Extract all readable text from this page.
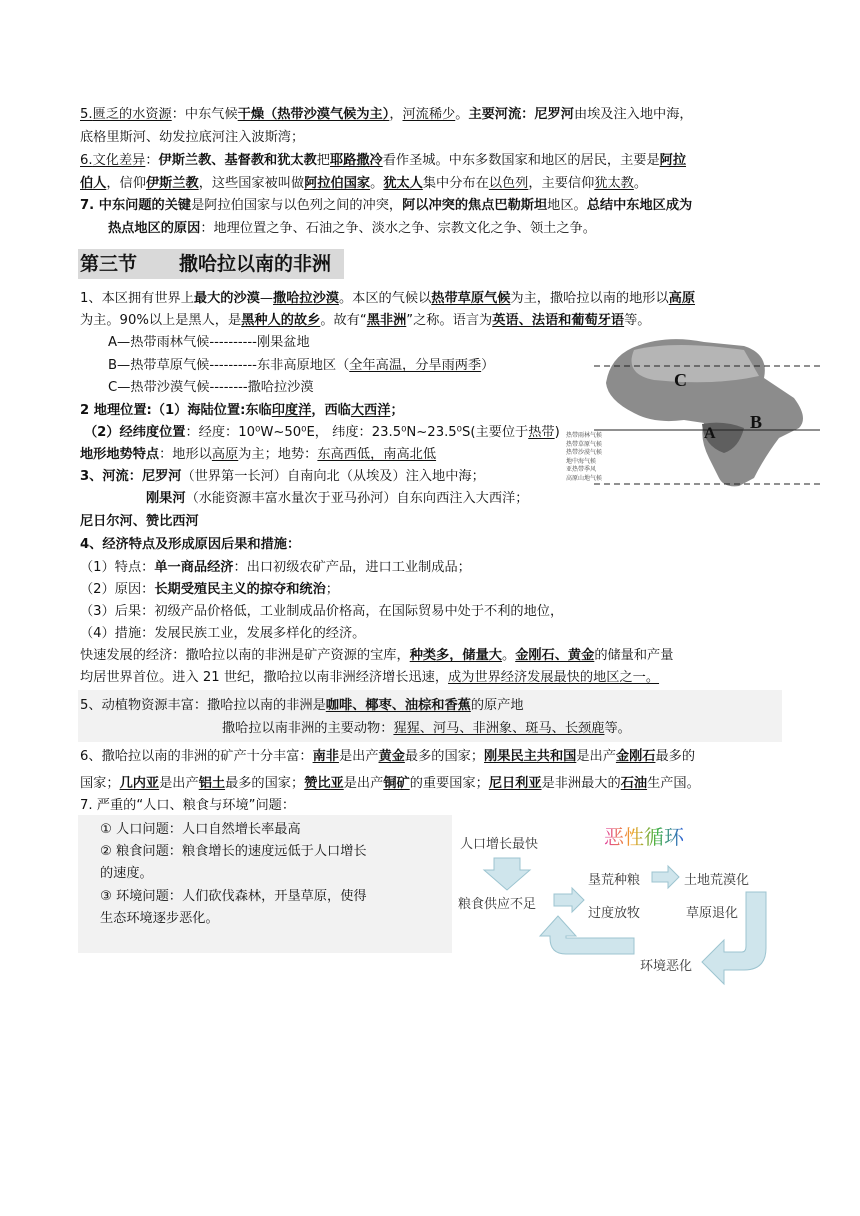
5.匮乏的水资源：中东气候干燥（热带沙漠气候为主），河流稀少。主要河流：尼罗河由埃及注入地中海，
底格里斯河、幼发拉底河注入波斯湾；
6.文化差异：伊斯兰教、基督教和犹太教把耶路撒冷看作圣城。中东多数国家和地区的居民，主要是阿拉
伯人，信仰伊斯兰教，这些国家被叫做阿拉伯国家。犹太人集中分布在以色列，主要信仰犹太教。
7. 中东问题的关键是阿拉伯国家与以色列之间的冲突，阿以冲突的焦点巴勒斯坦地区。总结中东地区成为
热点地区的原因：地理位置之争、石油之争、淡水之争、宗教文化之争、领土之争。
第三节 撒哈拉以南的非洲
1、本区拥有世界上最大的沙漠—撒哈拉沙漠。本区的气候以热带草原气候为主，撒哈拉以南的地形以高原
为主。90%以上是黑人，是黑种人的故乡。故有“黑非洲”之称。语言为英语、法语和葡萄牙语等。
A—热带雨林气候----------刚果盆地
B—热带草原气候----------东非高原地区（全年高温，分旱雨两季）
C—热带沙漠气候--------撒哈拉沙漠
2 地理位置:（1）海陆位置:东临印度洋，西临大西洋；
（2）经纬度位置：经度：10⁰W~50⁰E， 纬度：23.5⁰N~23.5⁰S(主要位于热带)
地形地势特点：地形以高原为主；地势：东高西低，南高北低
3、河流：尼罗河（世界第一长河）自南向北（从埃及）注入地中海；
刚果河（水能资源丰富水量次于亚马孙河）自东向西注入大西洋；
尼日尔河、赞比西河
C
A
B
热带雨林气候
热带草原气候
热带沙漠气候
地中海气候
亚热带季风
高原山地气候
4、经济特点及形成原因后果和措施：
（1）特点：单一商品经济：出口初级农矿产品，进口工业制成品；
（2）原因：长期受殖民主义的掠夺和统治；
（3）后果：初级产品价格低，工业制成品价格高，在国际贸易中处于不利的地位，
（4）措施：发展民族工业，发展多样化的经济。
快速发展的经济：撒哈拉以南的非洲是矿产资源的宝库，种类多，储量大。金刚石、黄金的储量和产量
均居世界首位。进入 21 世纪，撒哈拉以南非洲经济增长迅速，成为世界经济发展最快的地区之一。
5、动植物资源丰富：撒哈拉以南的非洲是咖啡、椰枣、油棕和香蕉的原产地
撒哈拉以南非洲的主要动物：猩猩、河马、非洲象、斑马、长颈鹿等。
6、撒哈拉以南的非洲的矿产十分丰富：南非是出产黄金最多的国家；刚果民主共和国是出产金刚石最多的
国家；几内亚是出产铝土最多的国家；赞比亚是出产铜矿的重要国家；尼日利亚是非洲最大的石油生产国。
7. 严重的“人口、粮食与环境”问题：
① 人口问题：人口自然增长率最高
② 粮食问题：粮食增长的速度远低于人口增长
的速度。
③ 环境问题：人们砍伐森林，开垦草原，使得
生态环境逐步恶化。
恶性循环
人口增长最快
粮食供应不足
垦荒种粮
过度放牧
土地荒漠化
草原退化
环境恶化
